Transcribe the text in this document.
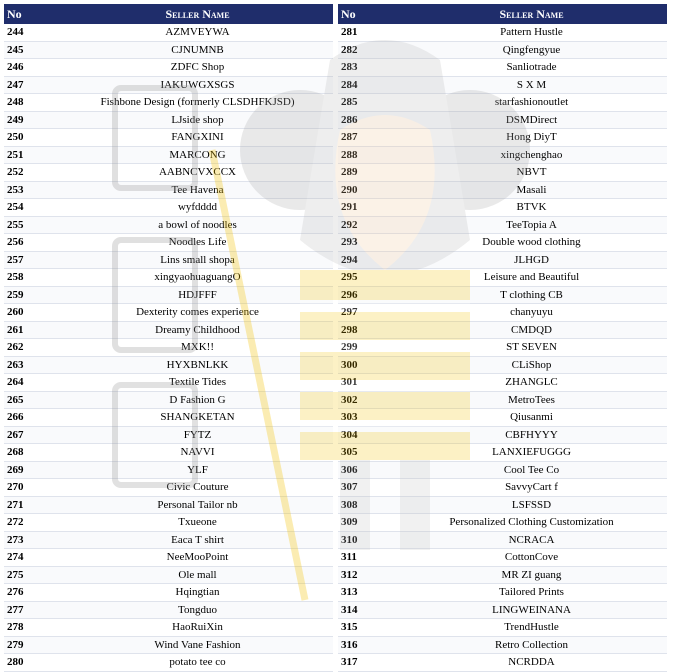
No	Seller Name
244	AZMVEYWA
245	CJNUMNB
246	ZDFC Shop
247	IAKUWGXSGS
248	Fishbone Design (formerly CLSDHFKJSD)
249	LJside shop
250	FANGXINI
251	MARCONG
252	AABNCVXCCX
253	Tee Havena
254	wyfdddd
255	a bowl of noodles
256	Noodles Life
257	Lins small shopa
258	xingyaohuaguangO
259	HDJFFF
260	Dexterity comes experience
261	Dreamy Childhood
262	MXK!!
263	HYXBNLKK
264	Textile Tides
265	D Fashion G
266	SHANGKETAN
267	FYTZ
268	NAVVI
269	YLF
270	Civic Couture
271	Personal Tailor nb
272	Txueone
273	Eaca T shirt
274	NeeMooPoint
275	Ole mall
276	Hqingtian
277	Tongduo
278	HaoRuiXin
279	Wind Vane Fashion
280	potato tee co
No	Seller Name
281	Pattern Hustle
282	Qingfengyue
283	Sanliotrade
284	S X M
285	starfashionoutlet
286	DSMDirect
287	Hong DiyT
288	xingchenghao
289	NBVT
290	Masali
291	BTVK
292	TeeTopia A
293	Double wood clothing
294	JLHGD
295	Leisure and Beautiful
296	T clothing CB
297	chanyuyu
298	CMDQD
299	ST SEVEN
300	CLiShop
301	ZHANGLC
302	MetroTees
303	Qiusanmi
304	CBFHYYY
305	LANXIEFUGGG
306	Cool Tee Co
307	SavvyCart f
308	LSFSSD
309	Personalized Clothing Customization
310	NCRACA
311	CottonCove
312	MR ZI guang
313	Tailored Prints
314	LINGWEINANA
315	TrendHustle
316	Retro Collection
317	NCRDDA
